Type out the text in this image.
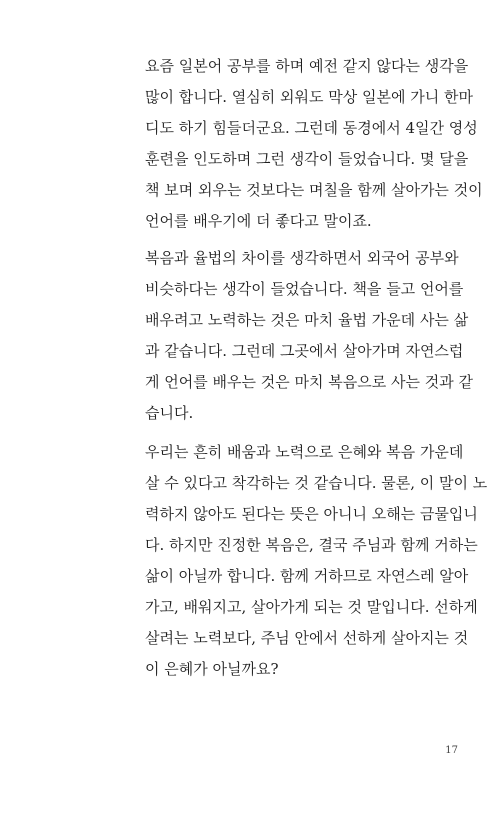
요즘 일본어 공부를 하며 예전 같지 않다는 생각을
많이 합니다. 열심히 외워도 막상 일본에 가니 한마
디도 하기 힘들더군요. 그런데 동경에서 4일간 영성
훈련을 인도하며 그런 생각이 들었습니다. 몇 달을
책 보며 외우는 것보다는 며칠을 함께 살아가는 것이
언어를 배우기에 더 좋다고 말이죠.
복음과 율법의 차이를 생각하면서 외국어 공부와
비슷하다는 생각이 들었습니다. 책을 들고 언어를
배우려고 노력하는 것은 마치 율법 가운데 사는 삶
과 같습니다. 그런데 그곳에서 살아가며 자연스럽
게 언어를 배우는 것은 마치 복음으로 사는 것과 같
습니다.
우리는 흔히 배움과 노력으로 은혜와 복음 가운데
살 수 있다고 착각하는 것 같습니다. 물론, 이 말이 노
력하지 않아도 된다는 뜻은 아니니 오해는 금물입니
다. 하지만 진정한 복음은, 결국 주님과 함께 거하는
삶이 아닐까 합니다. 함께 거하므로 자연스레 알아
가고, 배워지고, 살아가게 되는 것 말입니다. 선하게
살려는 노력보다, 주님 안에서 선하게 살아지는 것
이 은혜가 아닐까요?
17
